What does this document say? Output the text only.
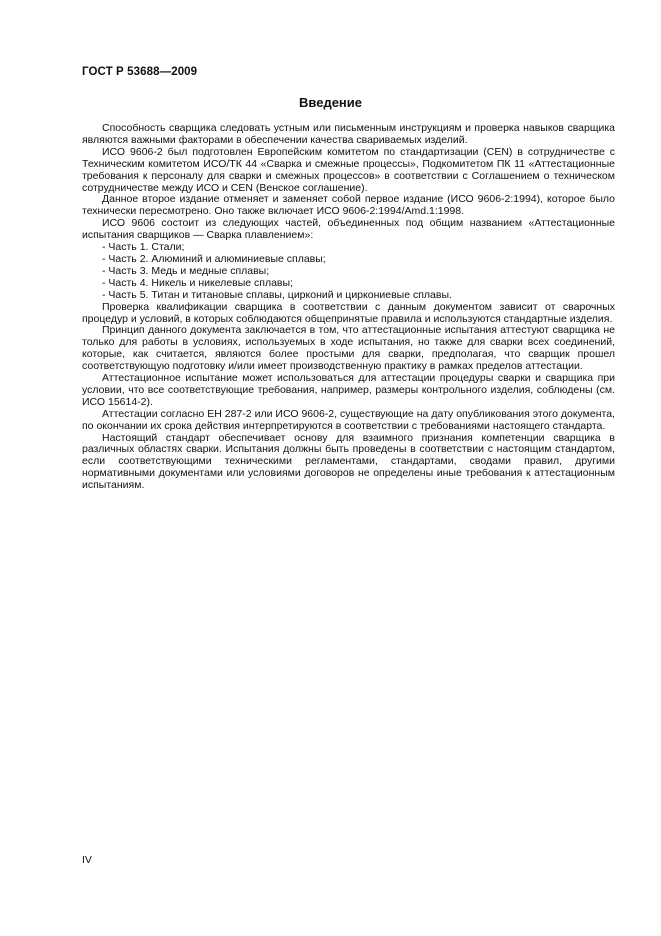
ГОСТ Р 53688—2009
Введение

Способность сварщика следовать устным или письменным инструкциям и проверка навыков сварщика являются важными факторами в обеспечении качества свариваемых изделий.

ИСО 9606-2 был подготовлен Европейским комитетом по стандартизации (CEN) в сотрудничестве с Техническим комитетом ИСО/ТК 44 «Сварка и смежные процессы», Подкомитетом ПК 11 «Аттестационные требования к персоналу для сварки и смежных процессов» в соответствии с Соглашением о техническом сотрудничестве между ИСО и CEN (Венское соглашение).

Данное второе издание отменяет и заменяет собой первое издание (ИСО 9606-2:1994), которое было технически пересмотрено. Оно также включает ИСО 9606-2:1994/Amd.1:1998.

ИСО 9606 состоит из следующих частей, объединенных под общим названием «Аттестационные испытания сварщиков — Сварка плавлением»:

- Часть 1. Стали;
- Часть 2. Алюминий и алюминиевые сплавы;
- Часть 3. Медь и медные сплавы;
- Часть 4. Никель и никелевые сплавы;
- Часть 5. Титан и титановые сплавы, цирконий и циркониевые сплавы.

Проверка квалификации сварщика в соответствии с данным документом зависит от сварочных процедур и условий, в которых соблюдаются общепринятые правила и используются стандартные изделия.

Принцип данного документа заключается в том, что аттестационные испытания аттестуют сварщика не только для работы в условиях, используемых в ходе испытания, но также для сварки всех соединений, которые, как считается, являются более простыми для сварки, предполагая, что сварщик прошел соответствующую подготовку и/или имеет производственную практику в рамках пределов аттестации.

Аттестационное испытание может использоваться для аттестации процедуры сварки и сварщика при условии, что все соответствующие требования, например, размеры контрольного изделия, соблюдены (см. ИСО 15614-2).

Аттестации согласно ЕН 287-2 или ИСО 9606-2, существующие на дату опубликования этого документа, по окончании их срока действия интерпретируются в соответствии с требованиями настоящего стандарта.

Настоящий стандарт обеспечивает основу для взаимного признания компетенции сварщика в различных областях сварки. Испытания должны быть проведены в соответствии с настоящим стандартом, если соответствующими техническими регламентами, стандартами, сводами правил, другими нормативными документами или условиями договоров не определены иные требования к аттестационным испытаниям.

IV
